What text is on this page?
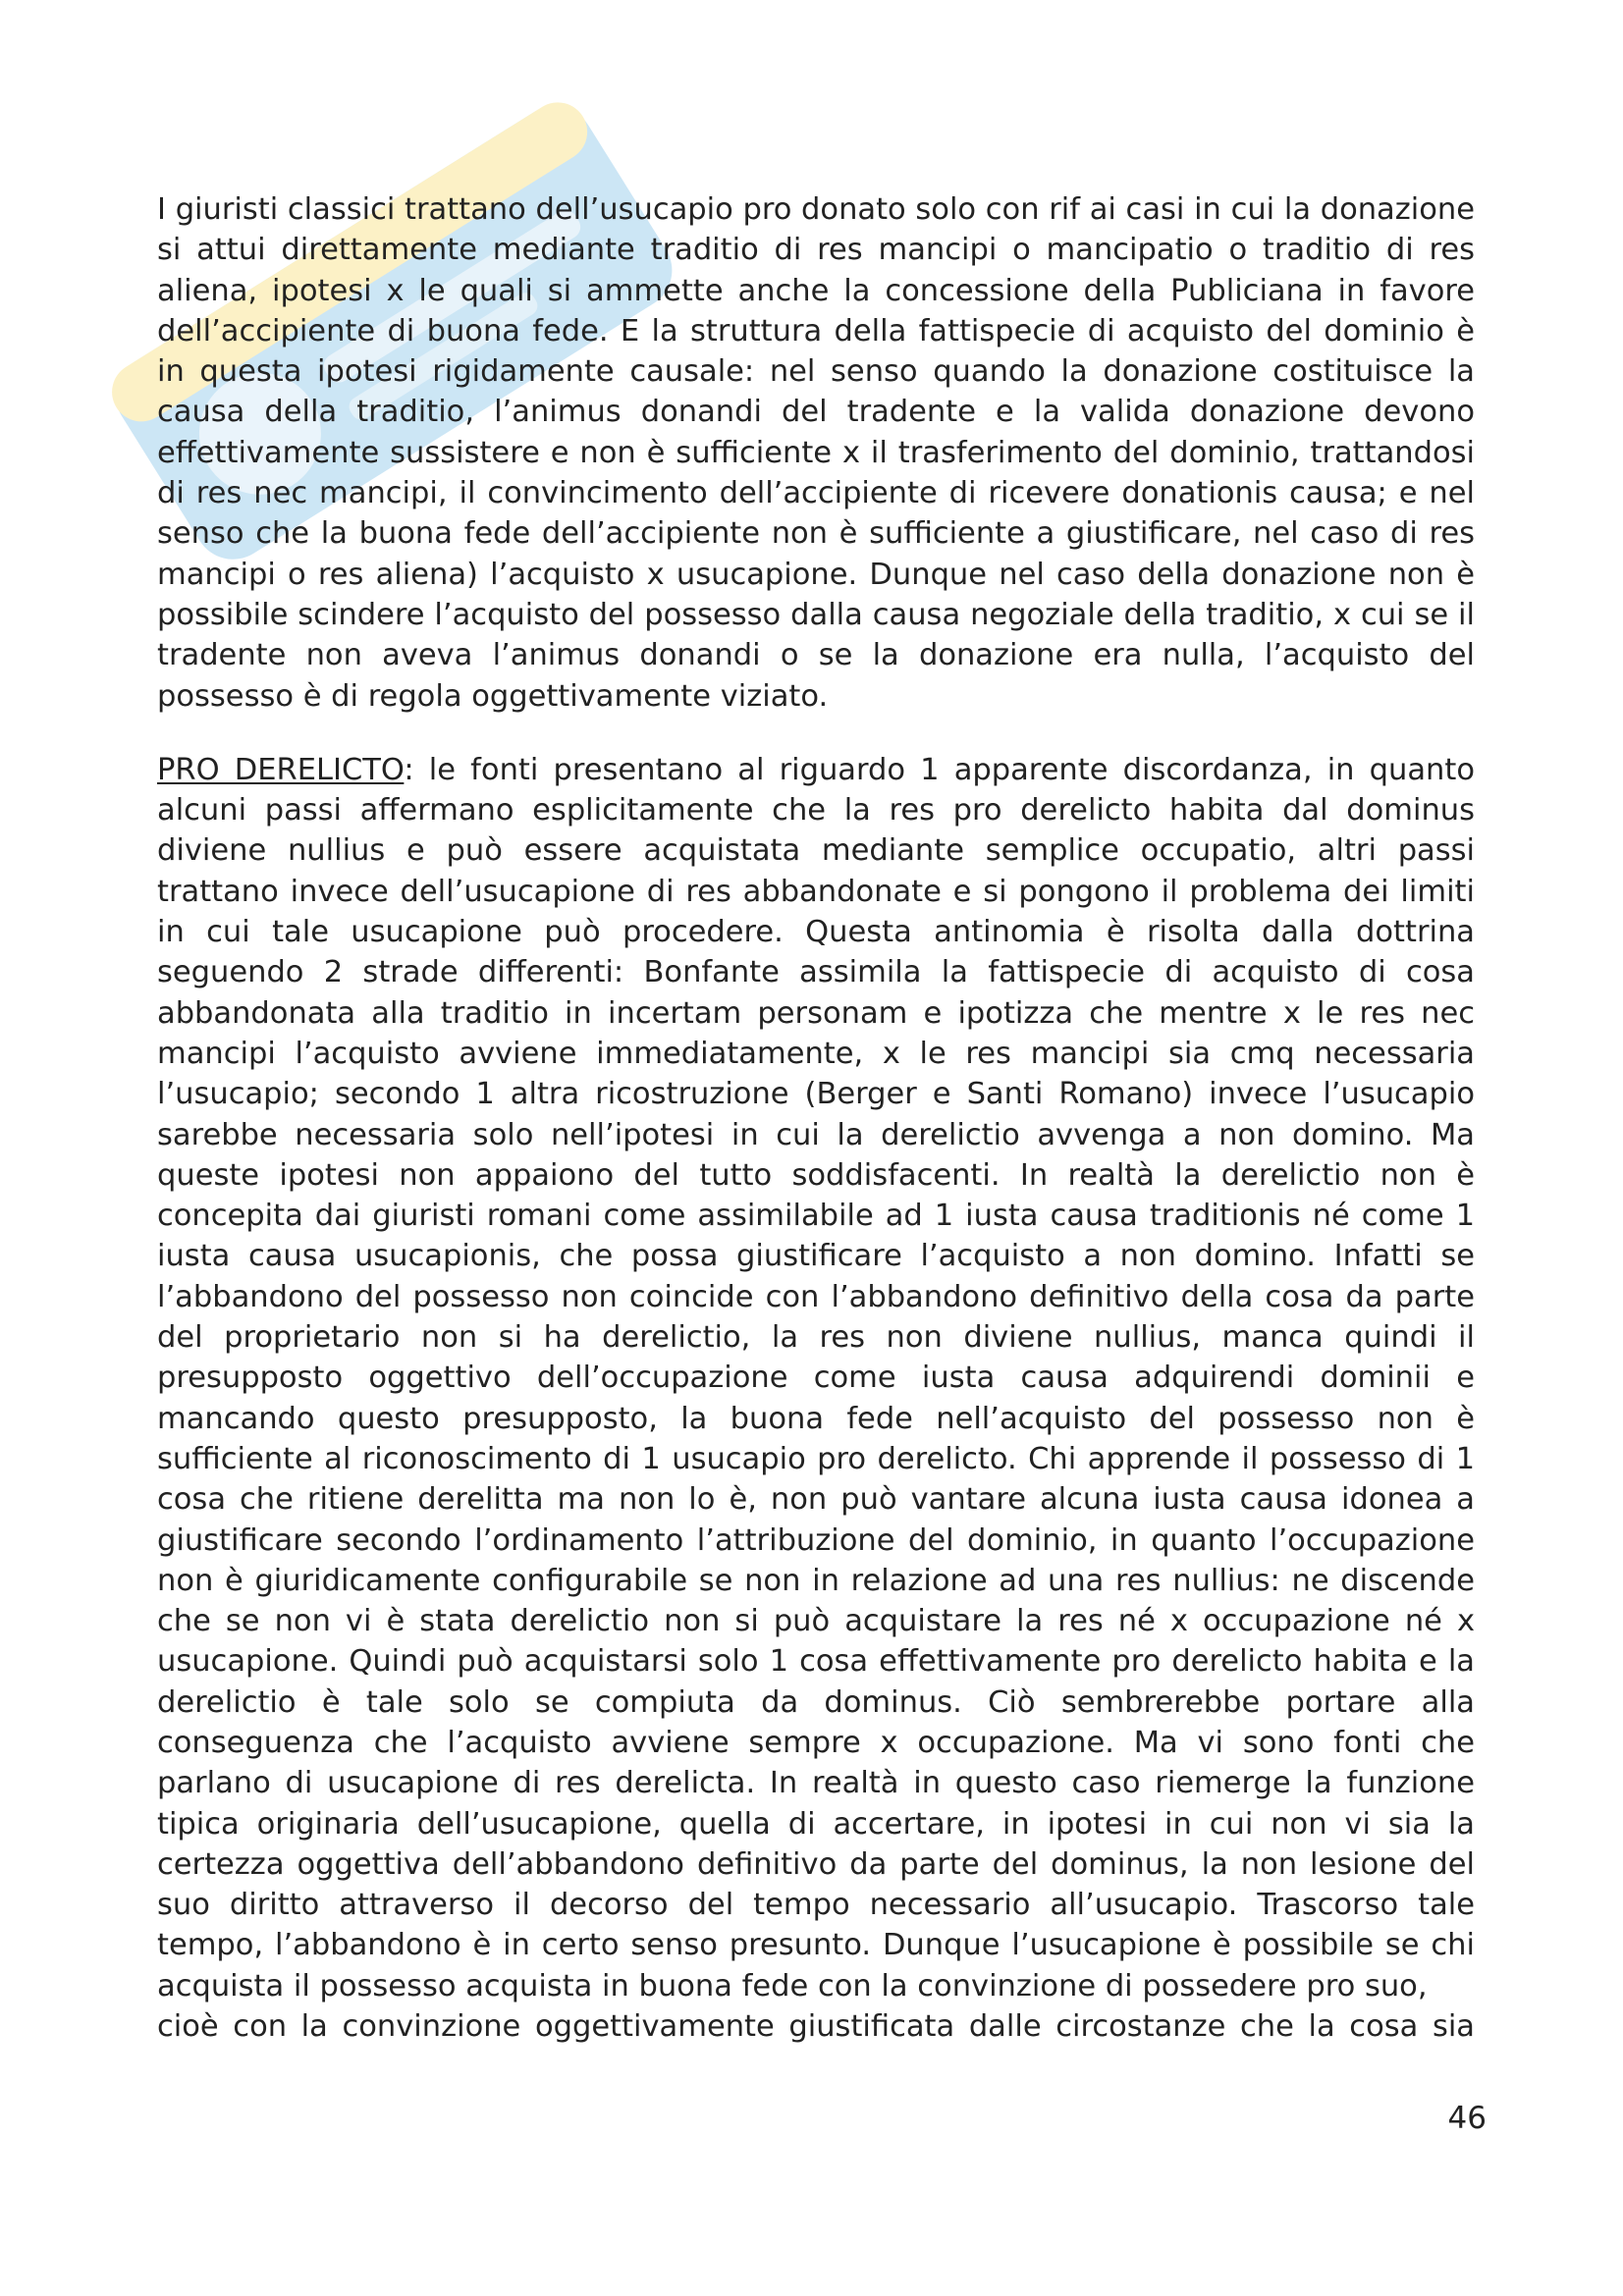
I giuristi classici trattano dell’usucapio pro donato solo con rif ai casi in cui la donazione si attui direttamente mediante traditio di res mancipi o mancipatio o traditio di res aliena, ipotesi x le quali si ammette anche la concessione della Publiciana in favore dell’accipiente di buona fede. E la struttura della fattispecie di acquisto del dominio è in questa ipotesi rigidamente causale: nel senso quando la donazione costituisce la causa della traditio, l’animus donandi del tradente e la valida donazione devono effettivamente sussistere e non è sufficiente x il trasferimento del dominio, trattandosi di res nec mancipi, il convincimento dell’accipiente di ricevere donationis causa; e nel senso che la buona fede dell’accipiente non è sufficiente a giustificare, nel caso di res mancipi o res aliena) l’acquisto x usucapione. Dunque nel caso della donazione non è possibile scindere l’acquisto del possesso dalla causa negoziale della traditio, x cui se il tradente non aveva l’animus donandi o se la donazione era nulla, l’acquisto del possesso è di regola oggettivamente viziato.

PRO DERELICTO: le fonti presentano al riguardo 1 apparente discordanza, in quanto alcuni passi affermano esplicitamente che la res pro derelicto habita dal dominus diviene nullius e può essere acquistata mediante semplice occupatio, altri passi trattano invece dell’usucapione di res abbandonate e si pongono il problema dei limiti in cui tale usucapione può procedere. Questa antinomia è risolta dalla dottrina seguendo 2 strade differenti: Bonfante assimila la fattispecie di acquisto di cosa abbandonata alla traditio in incertam personam e ipotizza che mentre x le res nec mancipi l’acquisto avviene immediatamente, x le res mancipi sia cmq necessaria l’usucapio; secondo 1 altra ricostruzione (Berger e Santi Romano) invece l’usucapio sarebbe necessaria solo nell’ipotesi in cui la derelictio avvenga a non domino. Ma queste ipotesi non appaiono del tutto soddisfacenti. In realtà la derelictio non è concepita dai giuristi romani come assimilabile ad 1 iusta causa traditionis né come 1 iusta causa usucapionis, che possa giustificare l’acquisto a non domino. Infatti se l’abbandono del possesso non coincide con l’abbandono definitivo della cosa da parte del proprietario non si ha derelictio, la res non diviene nullius, manca quindi il presupposto oggettivo dell’occupazione come iusta causa adquirendi dominii e mancando questo presupposto, la buona fede nell’acquisto del possesso non è sufficiente al riconoscimento di 1 usucapio pro derelicto. Chi apprende il possesso di 1 cosa che ritiene derelitta ma non lo è, non può vantare alcuna iusta causa idonea a giustificare secondo l’ordinamento l’attribuzione del dominio, in quanto l’occupazione non è giuridicamente configurabile se non in relazione ad una res nullius: ne discende che se non vi è stata derelictio non si può acquistare la res né x occupazione né x usucapione. Quindi può acquistarsi solo 1 cosa effettivamente pro derelicto habita e la derelictio è tale solo se compiuta da dominus. Ciò sembrerebbe portare alla conseguenza che l’acquisto avviene sempre x occupazione. Ma vi sono fonti che parlano di usucapione di res derelicta. In realtà in questo caso riemerge la funzione tipica originaria dell’usucapione, quella di accertare, in ipotesi in cui non vi sia la certezza oggettiva dell’abbandono definitivo da parte del dominus, la non lesione del suo diritto attraverso il decorso del tempo necessario all’usucapio. Trascorso tale tempo, l’abbandono è in certo senso presunto. Dunque l’usucapione è possibile se chi acquista il possesso acquista in buona fede con la convinzione di possedere pro suo,
cioè con la convinzione oggettivamente giustificata dalle circostanze che la cosa sia

46
